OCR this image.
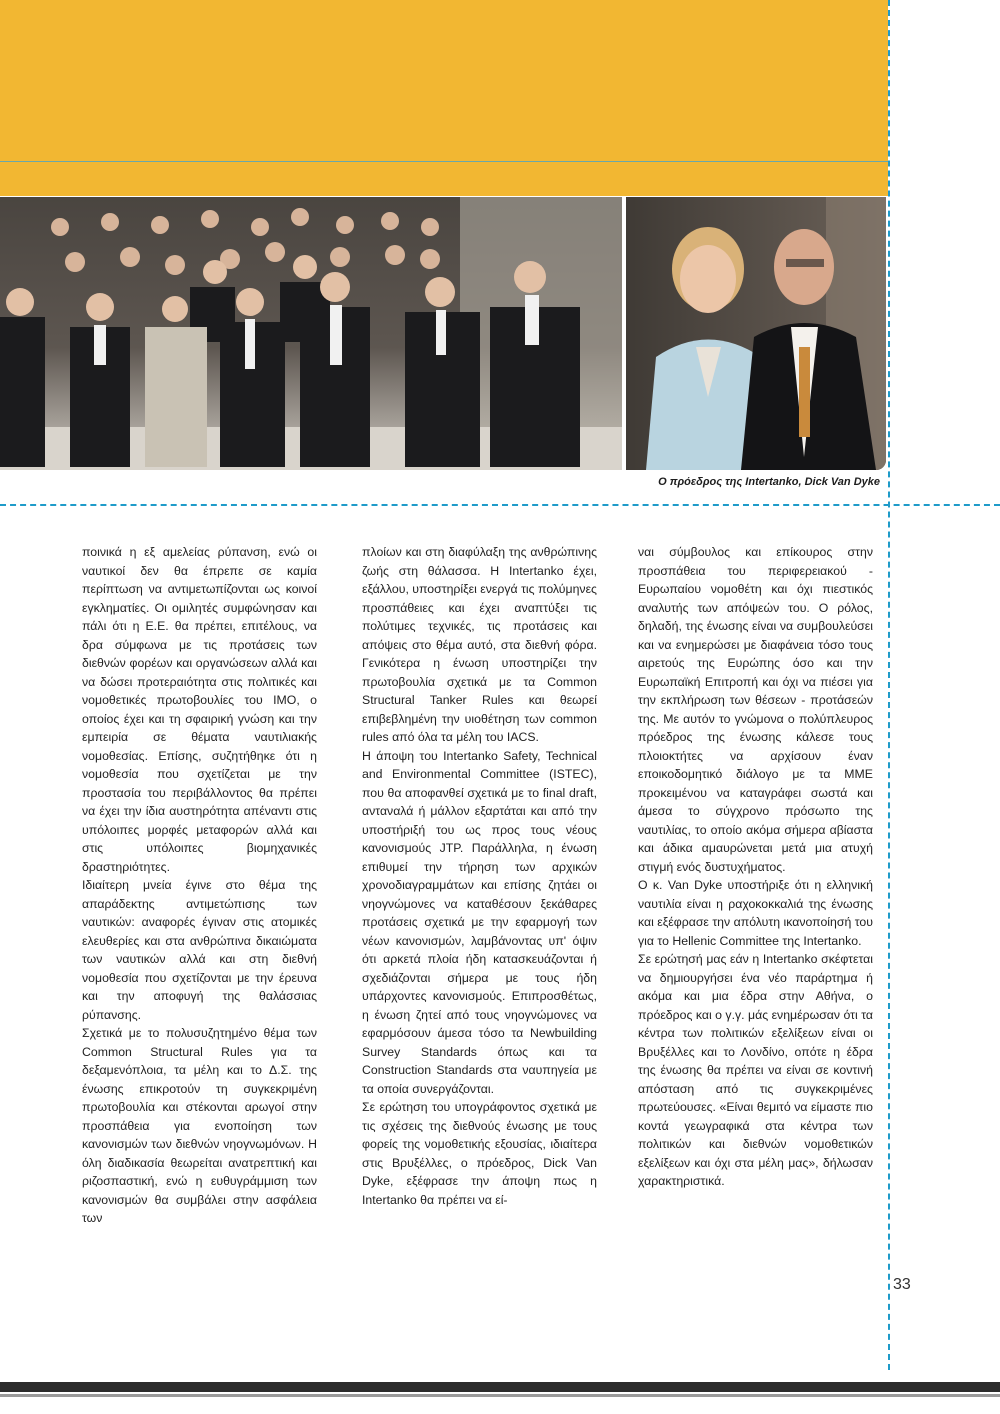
Ο πρόεδρος της Intertanko, Dick Van Dyke

ποινικά η εξ αμελείας ρύπανση, ενώ οι ναυτικοί δεν θα έπρεπε σε καμία περίπτωση να αντιμετωπίζονται ως κοινοί εγκληματίες. Οι ομιλητές συμφώνησαν και πάλι ότι η Ε.Ε. θα πρέπει, επιτέλους, να δρα σύμφωνα με τις προτάσεις των διεθνών φορέων και οργανώσεων αλλά και να δώσει προτεραιότητα στις πολιτικές και νομοθετικές πρωτοβουλίες του IMO, ο οποίος έχει και τη σφαιρική γνώση και την εμπειρία σε θέματα ναυτιλιακής νομοθεσίας. Επίσης, συζητήθηκε ότι η νομοθεσία που σχετίζεται με την προστασία του περιβάλλοντος θα πρέπει να έχει την ίδια αυστηρότητα απέναντι στις υπόλοιπες μορφές μεταφορών αλλά και στις υπόλοιπες βιομηχανικές δραστηριότητες.

Ιδιαίτερη μνεία έγινε στο θέμα της απαράδεκτης αντιμετώπισης των ναυτικών: αναφορές έγιναν στις ατομικές ελευθερίες και στα ανθρώπινα δικαιώματα των ναυτικών αλλά και στη διεθνή νομοθεσία που σχετίζονται με την έρευνα και την αποφυγή της θαλάσσιας ρύπανσης.

Σχετικά με το πολυσυζητημένο θέμα των Common Structural Rules για τα δεξαμενόπλοια, τα μέλη και το Δ.Σ. της ένωσης επικροτούν τη συγκεκριμένη πρωτοβουλία και στέκονται αρωγοί στην προσπάθεια για ενοποίηση των κανονισμών των διεθνών νηογνωμόνων. Η όλη διαδικασία θεωρείται ανατρεπτική και ριζοσπαστική, ενώ η ευθυγράμμιση των κανονισμών θα συμβάλει στην ασφάλεια των

πλοίων και στη διαφύλαξη της ανθρώπινης ζωής στη θάλασσα. Η Intertanko έχει, εξάλλου, υποστηρίξει ενεργά τις πολύμηνες προσπάθειες και έχει αναπτύξει τις πολύτιμες τεχνικές, τις προτάσεις και απόψεις στο θέμα αυτό, στα διεθνή φόρα. Γενικότερα η ένωση υποστηρίζει την πρωτοβουλία σχετικά με τα Common Structural Tanker Rules και θεωρεί επιβεβλημένη την υιοθέτηση των common rules από όλα τα μέλη του IACS.

Η άποψη του Intertanko Safety, Technical and Environmental Committee (ISTEC), που θα αποφανθεί σχετικά με το final draft, ανταναλά ή μάλλον εξαρτάται και από την υποστήριξή του ως προς τους νέους κανονισμούς JTP. Παράλληλα, η ένωση επιθυμεί την τήρηση των αρχικών χρονοδιαγραμμάτων και επίσης ζητάει οι νηογνώμονες να καταθέσουν ξεκάθαρες προτάσεις σχετικά με την εφαρμογή των νέων κανονισμών, λαμβάνοντας υπ' όψιν ότι αρκετά πλοία ήδη κατασκευάζονται ή σχεδιάζονται σήμερα με τους ήδη υπάρχοντες κανονισμούς. Επιπροσθέτως, η ένωση ζητεί από τους νηογνώμονες να εφαρμόσουν άμεσα τόσο τα Newbuilding Survey Standards όπως και τα Construction Standards στα ναυπηγεία με τα οποία συνεργάζονται.

Σε ερώτηση του υπογράφοντος σχετικά με τις σχέσεις της διεθνούς ένωσης με τους φορείς της νομοθετικής εξουσίας, ιδιαίτερα στις Βρυξέλλες, ο πρόεδρος, Dick Van Dyke, εξέφρασε την άποψη πως η Intertanko θα πρέπει να εί-

ναι σύμβουλος και επίκουρος στην προσπάθεια του περιφερειακού - Ευρωπαίου νομοθέτη και όχι πιεστικός αναλυτής των απόψεών του. Ο ρόλος, δηλαδή, της ένωσης είναι να συμβουλεύσει και να ενημερώσει με διαφάνεια τόσο τους αιρετούς της Ευρώπης όσο και την Ευρωπαϊκή Επιτροπή και όχι να πιέσει για την εκπλήρωση των θέσεων - προτάσεών της. Με αυτόν το γνώμονα ο πολύπλευρος πρόεδρος της ένωσης κάλεσε τους πλοιοκτήτες να αρχίσουν έναν εποικοδομητικό διάλογο με τα ΜΜΕ προκειμένου να καταγράφει σωστά και άμεσα το σύγχρονο πρόσωπο της ναυτιλίας, το οποίο ακόμα σήμερα αβίαστα και άδικα αμαυρώνεται μετά μια ατυχή στιγμή ενός δυστυχήματος.

Ο κ. Van Dyke υποστήριξε ότι η ελληνική ναυτιλία είναι η ραχοκοκκαλιά της ένωσης και εξέφρασε την απόλυτη ικανοποίησή του για το Hellenic Committee της Intertanko.

Σε ερώτησή μας εάν η Intertanko σκέφτεται να δημιουργήσει ένα νέο παράρτημα ή ακόμα και μια έδρα στην Αθήνα, ο πρόεδρος και ο γ.γ. μάς ενημέρωσαν ότι τα κέντρα των πολιτικών εξελίξεων είναι οι Βρυξέλλες και το Λονδίνο, οπότε η έδρα της ένωσης θα πρέπει να είναι σε κοντινή απόσταση από τις συγκεκριμένες πρωτεύουσες. «Είναι θεμιτό να είμαστε πιο κοντά γεωγραφικά στα κέντρα των πολιτικών και διεθνών νομοθετικών εξελίξεων και όχι στα μέλη μας», δήλωσαν χαρακτηριστικά.

33
